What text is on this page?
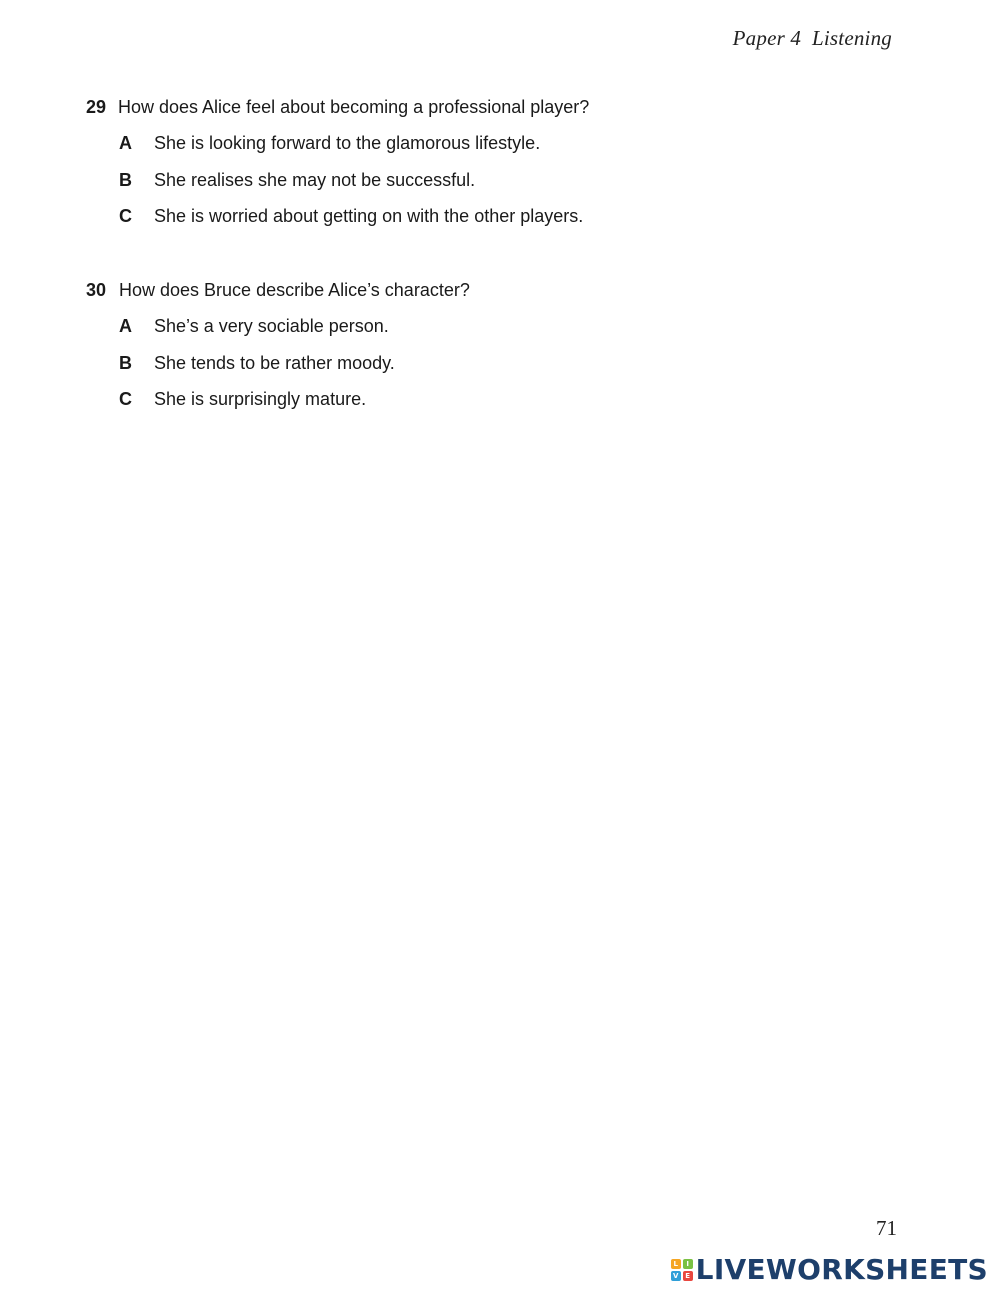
Paper 4  Listening
29 How does Alice feel about becoming a professional player?
A	She is looking forward to the glamorous lifestyle.
B	She realises she may not be successful.
C	She is worried about getting on with the other players.
30 How does Bruce describe Alice’s character?
A	She’s a very sociable person.
B	She tends to be rather moody.
C	She is surprisingly mature.
71
L	I
V E LIVEWORKSHEETS
